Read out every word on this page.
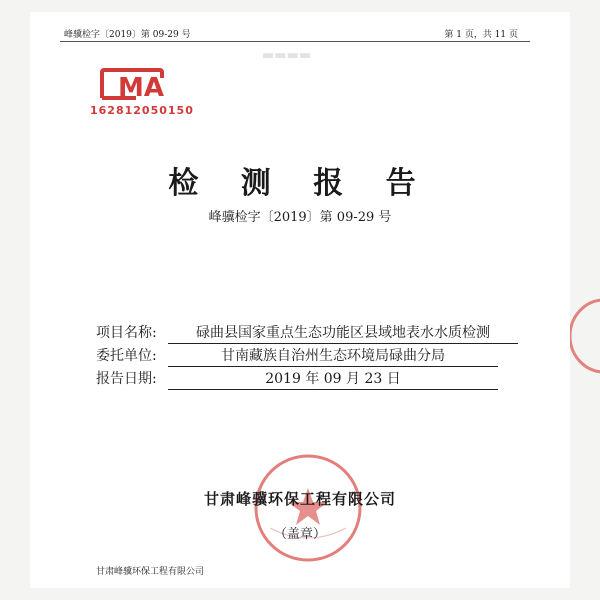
▬▬▬▬
峰骥检字〔2019〕第 09-29 号	第 1 页，共 11 页
MA
162812050150
检 测 报 告
峰骥检字〔2019〕第 09-29 号
项目名称:	碌曲县国家重点生态功能区县域地表水水质检测
委托单位:	甘南藏族自治州生态环境局碌曲分局
报告日期:	2019 年 09 月 23 日
甘肃峰骥环保工程有限公司
（盖章）
甘肃峰骥环保工程有限公司
